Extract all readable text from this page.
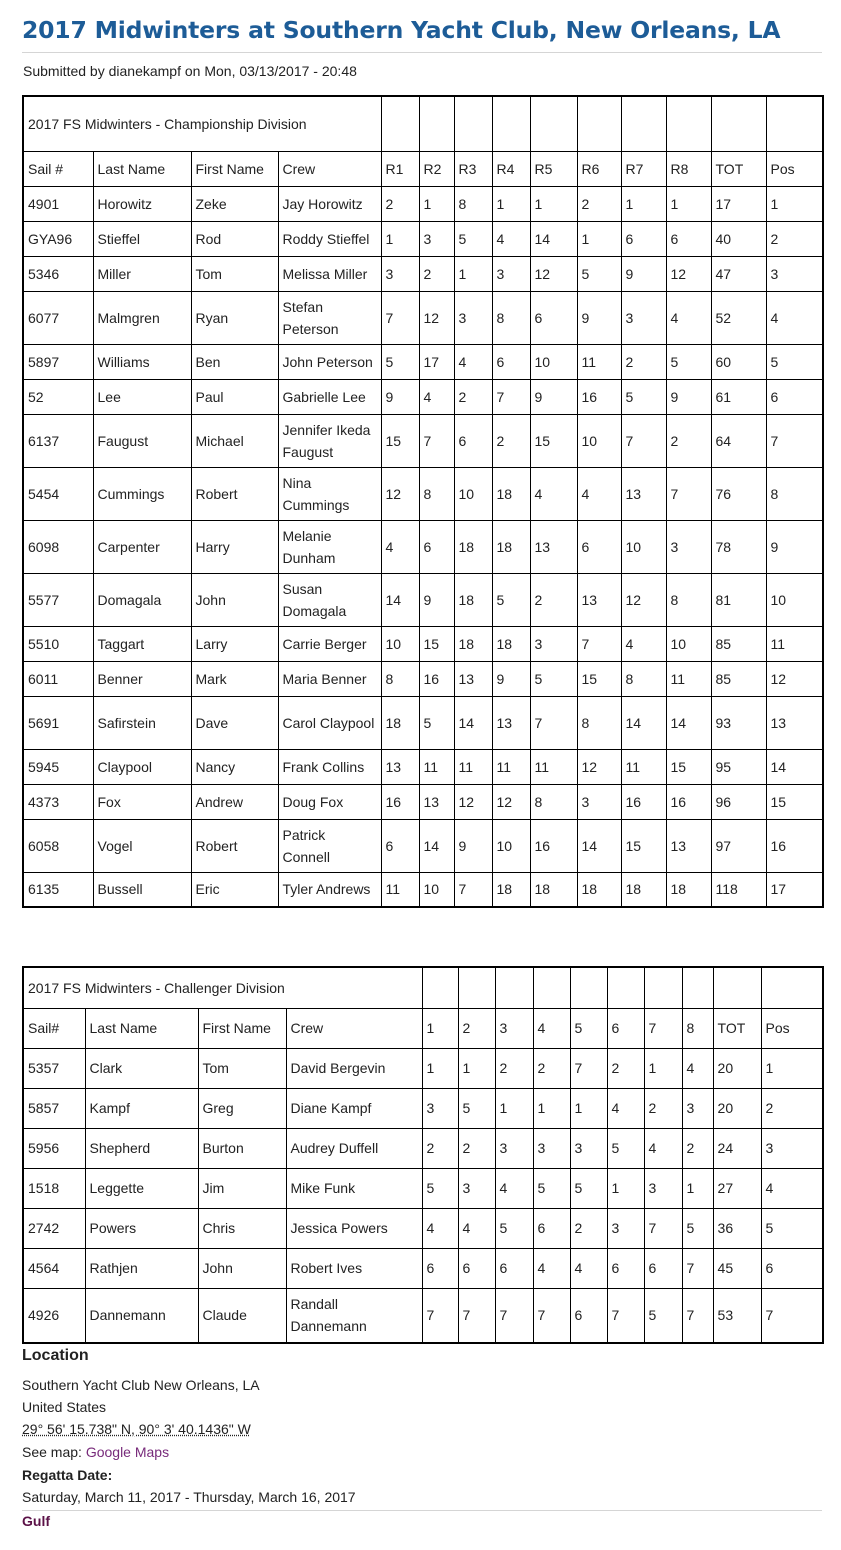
2017 Midwinters at Southern Yacht Club, New Orleans, LA
Submitted by dianekampf on Mon, 03/13/2017 - 20:48
2017 FS Midwinters - Championship Division													
Sail #	Last Name	First Name	Crew	R1	R2	R3	R4	R5	R6	R7	R8	TOT	Pos
4901	Horowitz	Zeke	Jay Horowitz	2	1	8	1	1	2	1	1	17	1
GYA96	Stieffel	Rod	Roddy Stieffel	1	3	5	4	14	1	6	6	40	2
5346	Miller	Tom	Melissa Miller	3	2	1	3	12	5	9	12	47	3
6077	Malmgren	Ryan	Stefan Peterson	7	12	3	8	6	9	3	4	52	4
5897	Williams	Ben	John Peterson	5	17	4	6	10	11	2	5	60	5
52	Lee	Paul	Gabrielle Lee	9	4	2	7	9	16	5	9	61	6
6137	Faugust	Michael	Jennifer Ikeda Faugust	15	7	6	2	15	10	7	2	64	7
5454	Cummings	Robert	Nina Cummings	12	8	10	18	4	4	13	7	76	8
6098	Carpenter	Harry	Melanie Dunham	4	6	18	18	13	6	10	3	78	9
5577	Domagala	John	Susan Domagala	14	9	18	5	2	13	12	8	81	10
5510	Taggart	Larry	Carrie Berger	10	15	18	18	3	7	4	10	85	11
6011	Benner	Mark	Maria Benner	8	16	13	9	5	15	8	11	85	12
5691	Safirstein	Dave	Carol Claypool	18	5	14	13	7	8	14	14	93	13
5945	Claypool	Nancy	Frank Collins	13	11	11	11	11	12	11	15	95	14
4373	Fox	Andrew	Doug Fox	16	13	12	12	8	3	16	16	96	15
6058	Vogel	Robert	Patrick Connell	6	14	9	10	16	14	15	13	97	16
6135	Bussell	Eric	Tyler Andrews	11	10	7	18	18	18	18	18	118	17
2017 FS Midwinters - Challenger Division													
Sail#	Last Name	First Name	Crew	1	2	3	4	5	6	7	8	TOT	Pos
5357	Clark	Tom	David Bergevin	1	1	2	2	7	2	1	4	20	1
5857	Kampf	Greg	Diane Kampf	3	5	1	1	1	4	2	3	20	2
5956	Shepherd	Burton	Audrey Duffell	2	2	3	3	3	5	4	2	24	3
1518	Leggette	Jim	Mike Funk	5	3	4	5	5	1	3	1	27	4
2742	Powers	Chris	Jessica Powers	4	4	5	6	2	3	7	5	36	5
4564	Rathjen	John	Robert Ives	6	6	6	4	4	6	6	7	45	6
4926	Dannemann	Claude	Randall Dannemann	7	7	7	7	6	7	5	7	53	7
Location
Southern Yacht Club New Orleans, LA
United States
29° 56' 15.738" N, 90° 3' 40.1436" W
See map: Google Maps
Regatta Date:
Saturday, March 11, 2017 - Thursday, March 16, 2017
Gulf
